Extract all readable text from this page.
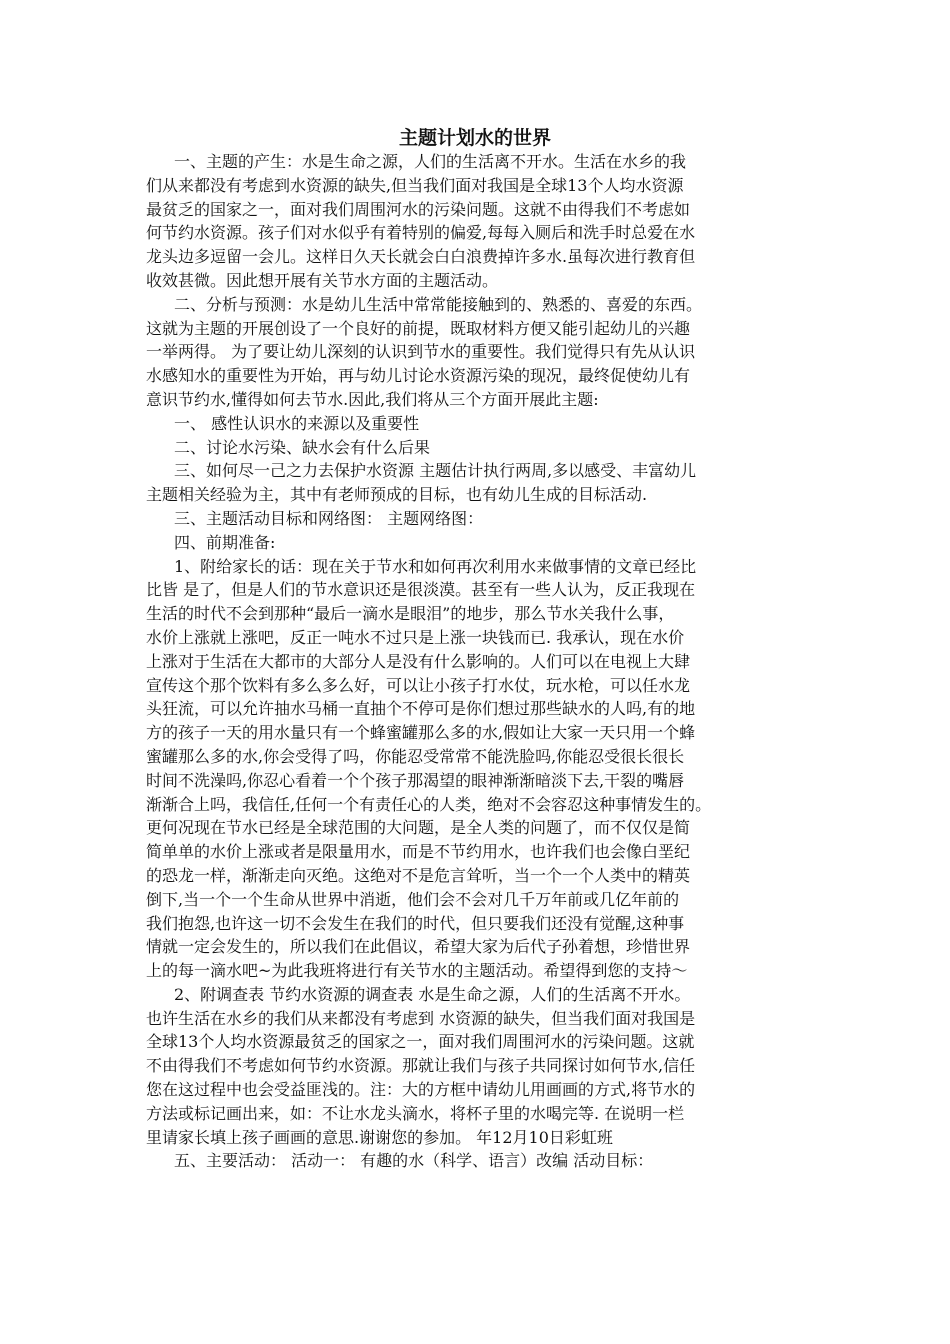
主题计划水的世界
一、主题的产生：水是生命之源，人们的生活离不开水。生活在水乡的我
们从来都没有考虑到水资源的缺失,但当我们面对我国是全球13个人均水资源
最贫乏的国家之一，面对我们周围河水的污染问题。这就不由得我们不考虑如
何节约水资源。孩子们对水似乎有着特别的偏爱,每每入厕后和洗手时总爱在水
龙头边多逗留一会儿。这样日久天长就会白白浪费掉许多水.虽每次进行教育但
收效甚微。因此想开展有关节水方面的主题活动。
二、分析与预测：水是幼儿生活中常常能接触到的、熟悉的、喜爱的东西。
这就为主题的开展创设了一个良好的前提，既取材料方便又能引起幼儿的兴趣
一举两得。 为了要让幼儿深刻的认识到节水的重要性。我们觉得只有先从认识
水感知水的重要性为开始，再与幼儿讨论水资源污染的现况，最终促使幼儿有
意识节约水,懂得如何去节水.因此,我们将从三个方面开展此主题:
一、 感性认识水的来源以及重要性
二、讨论水污染、缺水会有什么后果
三、如何尽一己之力去保护水资源 主题估计执行两周,多以感受、丰富幼儿
主题相关经验为主，其中有老师预成的目标，也有幼儿生成的目标活动.
三、主题活动目标和网络图： 主题网络图：
四、前期准备:
1、附给家长的话：现在关于节水和如何再次利用水来做事情的文章已经比
比皆 是了，但是人们的节水意识还是很淡漠。甚至有一些人认为，反正我现在
生活的时代不会到那种“最后一滴水是眼泪”的地步，那么节水关我什么事，
水价上涨就上涨吧，反正一吨水不过只是上涨一块钱而已. 我承认，现在水价
上涨对于生活在大都市的大部分人是没有什么影响的。人们可以在电视上大肆
宣传这个那个饮料有多么多么好，可以让小孩子打水仗，玩水枪，可以任水龙
头狂流，可以允许抽水马桶一直抽个不停可是你们想过那些缺水的人吗,有的地
方的孩子一天的用水量只有一个蜂蜜罐那么多的水,假如让大家一天只用一个蜂
蜜罐那么多的水,你会受得了吗，你能忍受常常不能洗脸吗,你能忍受很长很长
时间不洗澡吗,你忍心看着一个个孩子那渴望的眼神渐渐暗淡下去,干裂的嘴唇
渐渐合上吗，我信任,任何一个有责任心的人类，绝对不会容忍这种事情发生的。
更何况现在节水已经是全球范围的大问题，是全人类的问题了，而不仅仅是简
简单单的水价上涨或者是限量用水，而是不节约用水，也许我们也会像白垩纪
的恐龙一样，渐渐走向灭绝。这绝对不是危言耸听，当一个一个人类中的精英
倒下,当一个一个生命从世界中消逝，他们会不会对几千万年前或几亿年前的
我们抱怨,也许这一切不会发生在我们的时代，但只要我们还没有觉醒,这种事
情就一定会发生的，所以我们在此倡议，希望大家为后代子孙着想，珍惜世界
上的每一滴水吧~为此我班将进行有关节水的主题活动。希望得到您的支持～
2、附调查表 节约水资源的调查表 水是生命之源，人们的生活离不开水。
也许生活在水乡的我们从来都没有考虑到 水资源的缺失，但当我们面对我国是
全球13个人均水资源最贫乏的国家之一，面对我们周围河水的污染问题。这就
不由得我们不考虑如何节约水资源。那就让我们与孩子共同探讨如何节水,信任
您在这过程中也会受益匪浅的。注：大的方框中请幼儿用画画的方式,将节水的
方法或标记画出来，如：不让水龙头滴水，将杯子里的水喝完等. 在说明一栏
里请家长填上孩子画画的意思.谢谢您的参加。 年12月10日彩虹班
五、主要活动： 活动一： 有趣的水（科学、语言）改编 活动目标：
